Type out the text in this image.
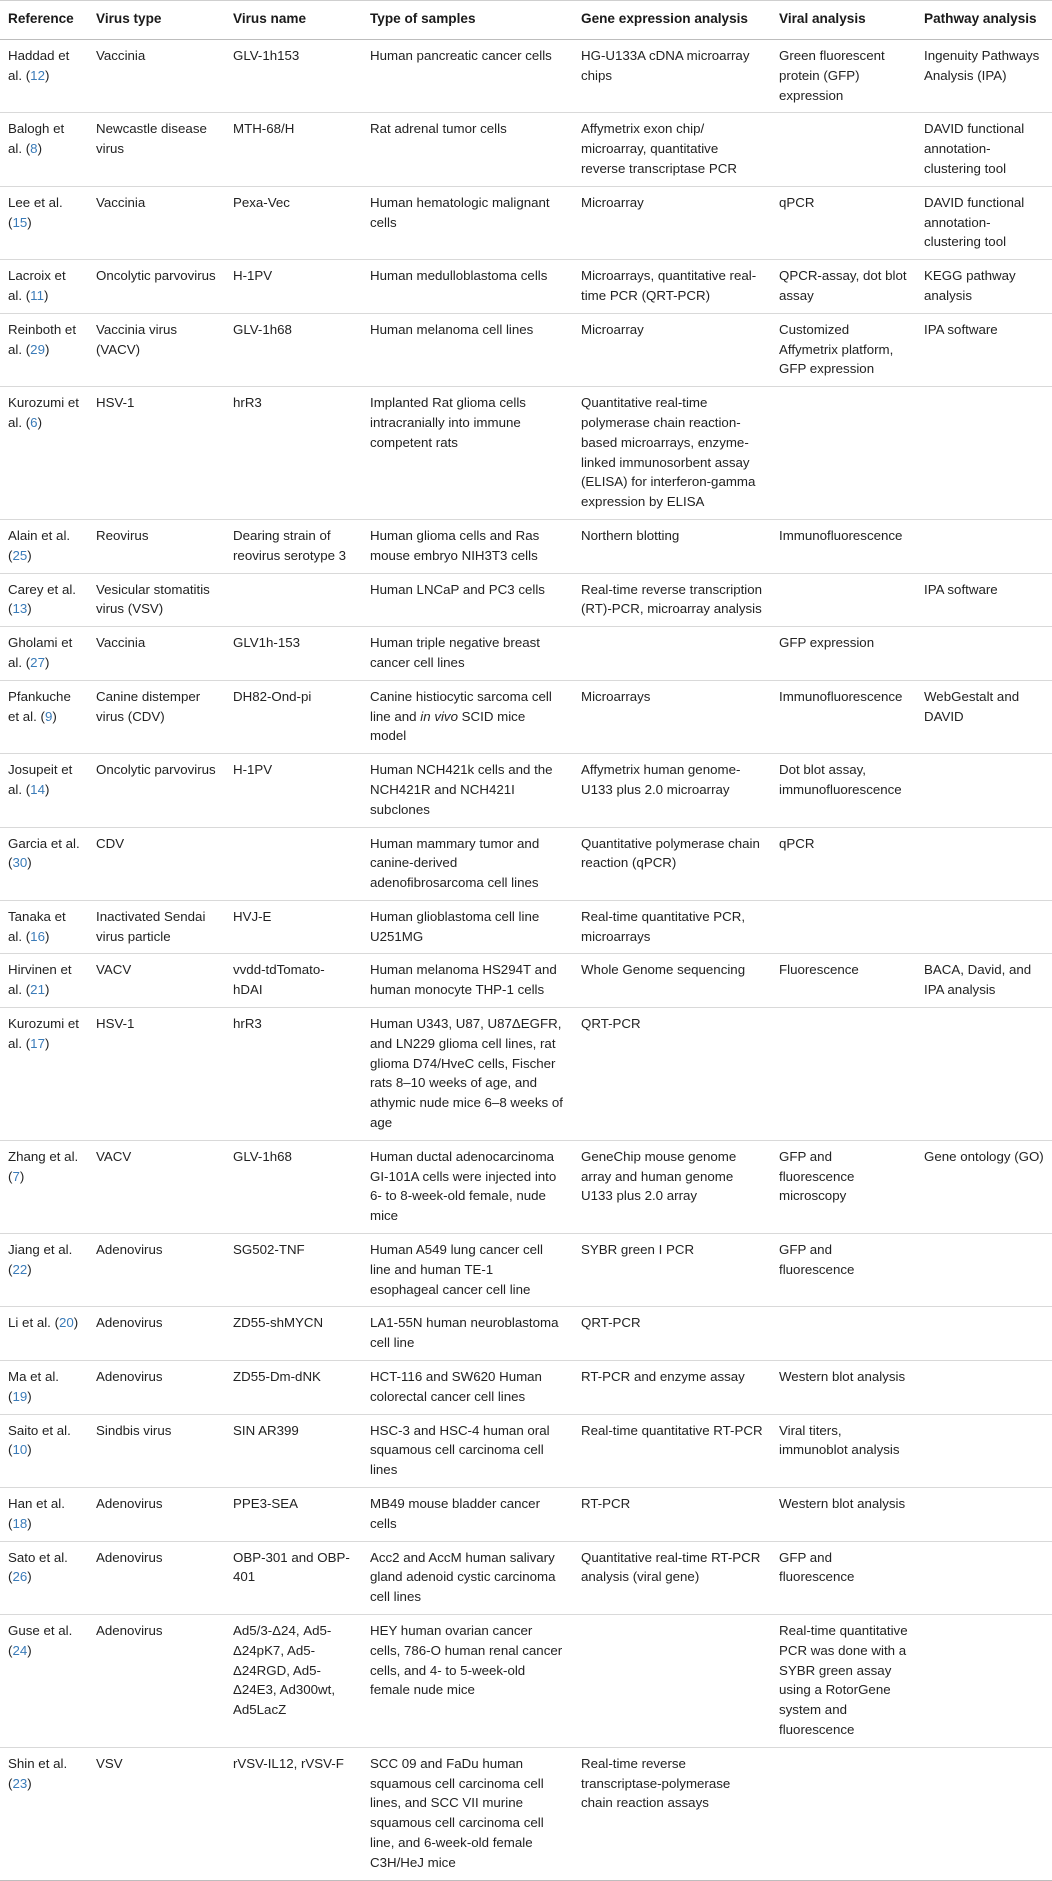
Reference	Virus type	Virus name	Type of samples	Gene expression analysis	Viral analysis	Pathway analysis
Haddad et al. (12)	Vaccinia	GLV-1h153	Human pancreatic cancer cells	HG-U133A cDNA microarray chips	Green fluorescent protein (GFP) expression	Ingenuity Pathways Analysis (IPA)
Balogh et al. (8)	Newcastle disease virus	MTH-68/H	Rat adrenal tumor cells	Affymetrix exon chip/ microarray, quantitative reverse transcriptase PCR		DAVID functional annotation-clustering tool
Lee et al. (15)	Vaccinia	Pexa-Vec	Human hematologic malignant cells	Microarray	qPCR	DAVID functional annotation-clustering tool
Lacroix et al. (11)	Oncolytic parvovirus	H-1PV	Human medulloblastoma cells	Microarrays, quantitative real-time PCR (QRT-PCR)	QPCR-assay, dot blot assay	KEGG pathway analysis
Reinboth et al. (29)	Vaccinia virus (VACV)	GLV-1h68	Human melanoma cell lines	Microarray	Customized Affymetrix platform, GFP expression	IPA software
Kurozumi et al. (6)	HSV-1	hrR3	Implanted Rat glioma cells intracranially into immune competent rats	Quantitative real-time polymerase chain reaction-based microarrays, enzyme-linked immunosorbent assay (ELISA) for interferon-gamma expression by ELISA		
Alain et al. (25)	Reovirus	Dearing strain of reovirus serotype 3	Human glioma cells and Ras mouse embryo NIH3T3 cells	Northern blotting	Immunofluorescence	
Carey et al. (13)	Vesicular stomatitis virus (VSV)		Human LNCaP and PC3 cells	Real-time reverse transcription (RT)-PCR, microarray analysis		IPA software
Gholami et al. (27)	Vaccinia	GLV1h-153	Human triple negative breast cancer cell lines		GFP expression	
Pfankuche et al. (9)	Canine distemper virus (CDV)	DH82-Ond-pi	Canine histiocytic sarcoma cell line and in vivo SCID mice model	Microarrays	Immunofluorescence	WebGestalt and DAVID
Josupeit et al. (14)	Oncolytic parvovirus	H-1PV	Human NCH421k cells and the NCH421R and NCH421I subclones	Affymetrix human genome-U133 plus 2.0 microarray	Dot blot assay, immunofluorescence	
Garcia et al. (30)	CDV		Human mammary tumor and canine-derived adenofibrosarcoma cell lines	Quantitative polymerase chain reaction (qPCR)	qPCR	
Tanaka et al. (16)	Inactivated Sendai virus particle	HVJ-E	Human glioblastoma cell line U251MG	Real-time quantitative PCR, microarrays		
Hirvinen et al. (21)	VACV	vvdd-tdTomato-hDAI	Human melanoma HS294T and human monocyte THP-1 cells	Whole Genome sequencing	Fluorescence	BACA, David, and IPA analysis
Kurozumi et al. (17)	HSV-1	hrR3	Human U343, U87, U87ΔEGFR, and LN229 glioma cell lines, rat glioma D74/HveC cells, Fischer rats 8–10 weeks of age, and athymic nude mice 6–8 weeks of age	QRT-PCR		
Zhang et al. (7)	VACV	GLV-1h68	Human ductal adenocarcinoma GI-101A cells were injected into 6- to 8-week-old female, nude mice	GeneChip mouse genome array and human genome U133 plus 2.0 array	GFP and fluorescence microscopy	Gene ontology (GO)
Jiang et al. (22)	Adenovirus	SG502-TNF	Human A549 lung cancer cell line and human TE-1 esophageal cancer cell line	SYBR green I PCR	GFP and fluorescence	
Li et al. (20)	Adenovirus	ZD55-shMYCN	LA1-55N human neuroblastoma cell line	QRT-PCR		
Ma et al. (19)	Adenovirus	ZD55-Dm-dNK	HCT-116 and SW620 Human colorectal cancer cell lines	RT-PCR and enzyme assay	Western blot analysis	
Saito et al. (10)	Sindbis virus	SIN AR399	HSC-3 and HSC-4 human oral squamous cell carcinoma cell lines	Real-time quantitative RT-PCR	Viral titers, immunoblot analysis	
Han et al. (18)	Adenovirus	PPE3-SEA	MB49 mouse bladder cancer cells	RT-PCR	Western blot analysis	
Sato et al. (26)	Adenovirus	OBP-301 and OBP-401	Acc2 and AccM human salivary gland adenoid cystic carcinoma cell lines	Quantitative real-time RT-PCR analysis (viral gene)	GFP and fluorescence	
Guse et al. (24)	Adenovirus	Ad5/3-Δ24, Ad5-Δ24pK7, Ad5-Δ24RGD, Ad5-Δ24E3, Ad300wt, Ad5LacZ	HEY human ovarian cancer cells, 786-O human renal cancer cells, and 4- to 5-week-old female nude mice		Real-time quantitative PCR was done with a SYBR green assay using a RotorGene system and fluorescence	
Shin et al. (23)	VSV	rVSV-IL12, rVSV-F	SCC 09 and FaDu human squamous cell carcinoma cell lines, and SCC VII murine squamous cell carcinoma cell line, and 6-week-old female C3H/HeJ mice	Real-time reverse transcriptase-polymerase chain reaction assays		
